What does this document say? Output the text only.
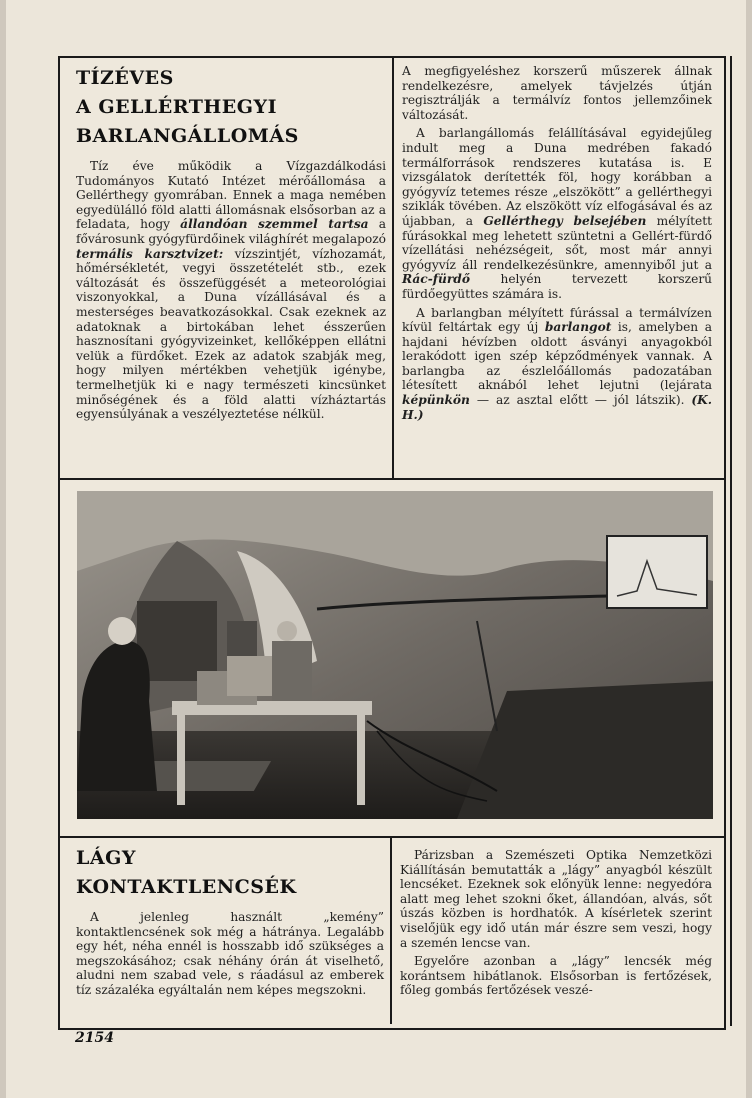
TÍZÉVES
A GELLÉRTHEGYI
BARLANGÁLLOMÁS

Tíz éve működik a Vízgazdálkodási Tudományos Kutató Intézet mérőállomása a Gellérthegy gyomrában. Ennek a maga nemében egyedülálló föld alatti állomásnak elsősorban az a feladata, hogy állandóan szemmel tartsa a fővárosunk gyógyfürdőinek világhírét megalapozó termális karsztvizet: vízszintjét, vízhozamát, hőmérsékletét, vegyi összetételét stb., ezek változását és összefüggését a meteorológiai viszonyokkal, a Duna vízállásával és a mesterséges beavatkozásokkal. Csak ezeknek az adatoknak a birtokában lehet ésszerűen hasznosítani gyógyvizeinket, kellőképpen ellátni velük a fürdőket. Ezek az adatok szabják meg, hogy milyen mértékben vehetjük igénybe, termelhetjük ki e nagy természeti kincsünket minőségének és a föld alatti vízháztartás egyensúlyának a veszélyeztetése nélkül.

A megfigyeléshez korszerű műszerek állnak rendelkezésre, amelyek távjelzés útján regisztrálják a termálvíz fontos jellemzőinek változását.

A barlangállomás felállításával egyidejűleg indult meg a Duna medrében fakadó termálforrások rendszeres kutatása is. E vizsgálatok derítették föl, hogy korábban a gyógyvíz tetemes része „elszökött” a gellérthegyi sziklák tövében. Az elszökött víz elfogásával és az újabban, a Gellérthegy belsejében mélyített fúrásokkal meg lehetett szüntetni a Gellért-fürdő vízellátási nehézségeit, sőt, most már annyi gyógyvíz áll rendelkezésünkre, amennyiből jut a Rác-fürdő helyén tervezett korszerű fürdőegyüttes számára is.

A barlangban mélyített fúrással a termálvízen kívül feltártak egy új barlangot is, amelyben a hajdani hévízben oldott ásványi anyagokból lerakódott igen szép képződmények vannak. A barlangba az észlelőállomás padozatában létesített aknából lehet lejutni (lejárata képünkön — az asztal előtt — jól látszik). (K. H.)

LÁGY
KONTAKTLENCSÉK

A jelenleg használt „kemény” kontaktlencsének sok még a hátránya. Legalább egy hét, néha ennél is hosszabb idő szükséges a megszokásához; csak néhány órán át viselhető, aludni nem szabad vele, s ráadásul az emberek tíz százaléka egyáltalán nem képes megszokni.

Párizsban a Szemészeti Optika Nemzetközi Kiállításán bemutatták a „lágy” anyagból készült lencséket. Ezeknek sok előnyük lenne: negyedóra alatt meg lehet szokni őket, állandóan, alvás, sőt úszás közben is hordhatók. A kísérletek szerint viselőjük egy idő után már észre sem veszi, hogy a szemén lencse van.

Egyelőre azonban a „lágy” lencsék még korántsem hibátlanok. Elsősorban is fertőzések, főleg gombás fertőzések veszé-

2154
